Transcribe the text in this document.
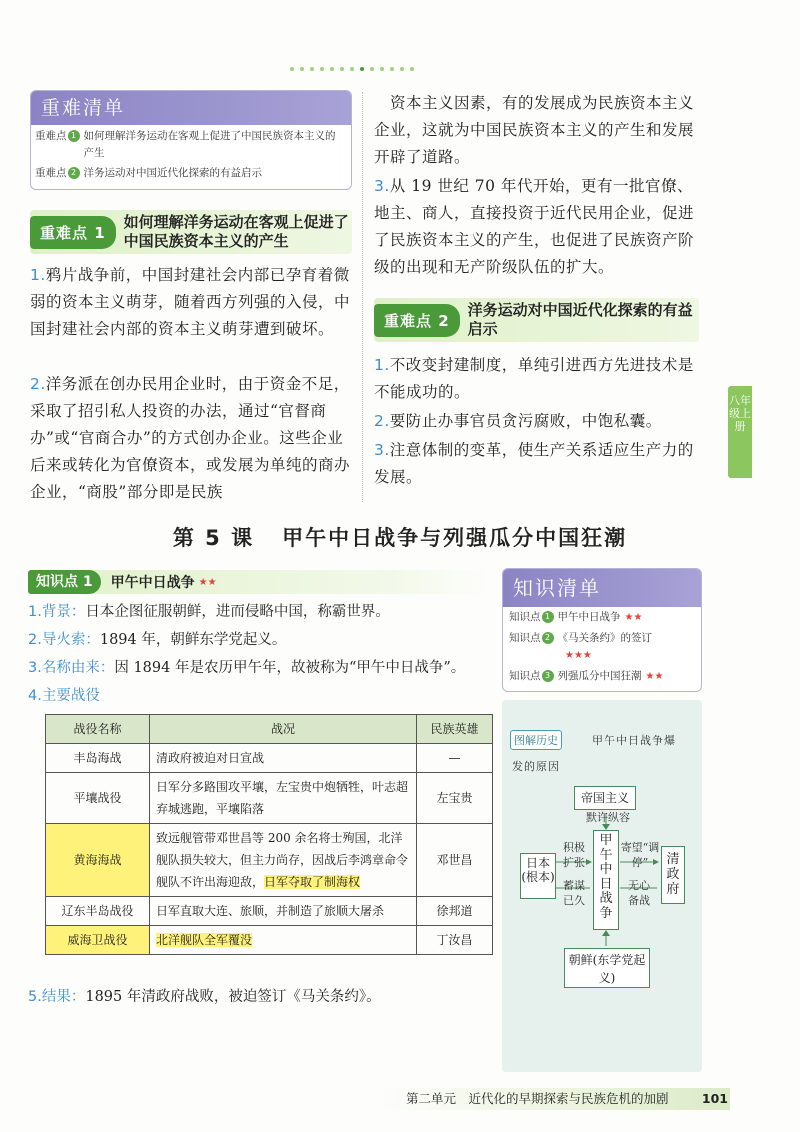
重难清单
重难点 1 如何理解洋务运动在客观上促进了中国民族资本主义的产生
重难点 2 洋务运动对中国近代化探索的有益启示
重难点 1
如何理解洋务运动在客观上促进了中国民族资本主义的产生
1.鸦片战争前，中国封建社会内部已孕育着微弱的资本主义萌芽，随着西方列强的入侵，中国封建社会内部的资本主义萌芽遭到破坏。
2.洋务派在创办民用企业时，由于资金不足，采取了招引私人投资的办法，通过“官督商办”或“官商合办”的方式创办企业。这些企业后来或转化为官僚资本，或发展为单纯的商办企业，“商股”部分即是民族
资本主义因素，有的发展成为民族资本主义企业，这就为中国民族资本主义的产生和发展开辟了道路。
3.从 19 世纪 70 年代开始，更有一批官僚、地主、商人，直接投资于近代民用企业，促进了民族资本主义的产生，也促进了民族资产阶级的出现和无产阶级队伍的扩大。
重难点 2
洋务运动对中国近代化探索的有益启示
1.不改变封建制度，单纯引进西方先进技术是不能成功的。
2.要防止办事官员贪污腐败，中饱私囊。
3.注意体制的变革，使生产关系适应生产力的发展。
八年级上册
第 5 课 甲午中日战争与列强瓜分中国狂潮
知识点 1	甲午中日战争 ★★
1.背景：日本企图征服朝鲜，进而侵略中国，称霸世界。
2.导火索：1894 年，朝鲜东学党起义。
3.名称由来：因 1894 年是农历甲午年，故被称为“甲午中日战争”。
4.主要战役
战役名称	战况	民族英雄
丰岛海战	清政府被迫对日宣战	—
平壤战役	日军分多路围攻平壤，左宝贵中炮牺牲，叶志超弃城逃跑，平壤陷落	左宝贵
黄海海战	致远舰管带邓世昌等 200 余名将士殉国，北洋舰队损失较大，但主力尚存，因战后李鸿章命令舰队不许出海迎敌，日军夺取了制海权	邓世昌
辽东半岛战役	日军直取大连、旅顺，并制造了旅顺大屠杀	徐邦道
威海卫战役	北洋舰队全军覆没	丁汝昌
5.结果：1895 年清政府战败，被迫签订《马关条约》。
知识清单
知识点 1 甲午中日战争 ★★
知识点 2 《马关条约》的签订
★★★
知识点 3 列强瓜分中国狂潮 ★★
图解历史	甲午中日战争爆
发的原因
帝国主义
默许纵容
甲午中日战争
日本(根本)
积极扩张
蓄谋已久
清政府
寄望“调停”
无心备战
朝鲜(东学党起义)
第二单元　近代化的早期探索与民族危机的加剧	101
